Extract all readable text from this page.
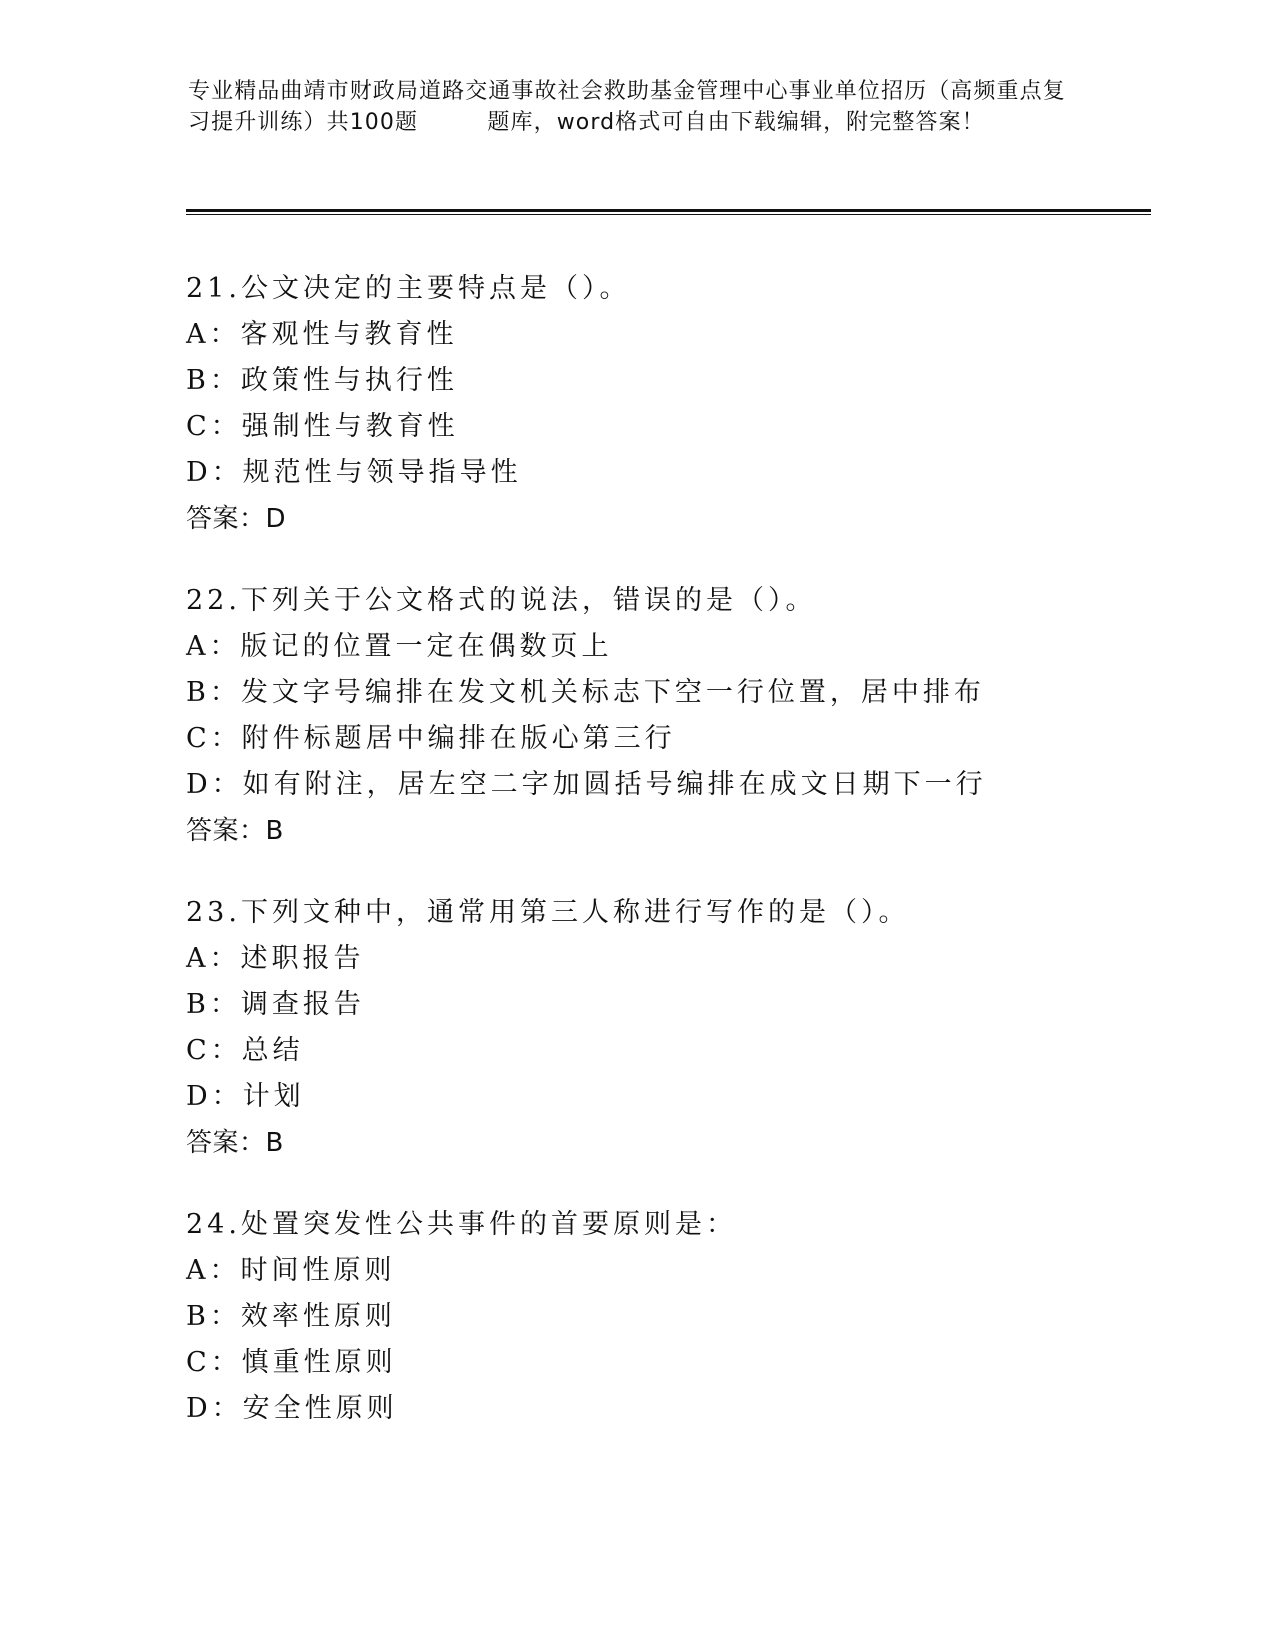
专业精品曲靖市财政局道路交通事故社会救助基金管理中心事业单位招历（高频重点复习提升训练）共100题　　　题库，word格式可自由下载编辑，附完整答案！
21.公文决定的主要特点是（）。
A：客观性与教育性
B：政策性与执行性
C：强制性与教育性
D：规范性与领导指导性
答案：D
22.下列关于公文格式的说法，错误的是（）。
A：版记的位置一定在偶数页上
B：发文字号编排在发文机关标志下空一行位置，居中排布
C：附件标题居中编排在版心第三行
D：如有附注，居左空二字加圆括号编排在成文日期下一行
答案：B
23.下列文种中，通常用第三人称进行写作的是（）。
A：述职报告
B：调查报告
C：总结
D：计划
答案：B
24.处置突发性公共事件的首要原则是：
A：时间性原则
B：效率性原则
C：慎重性原则
D：安全性原则
